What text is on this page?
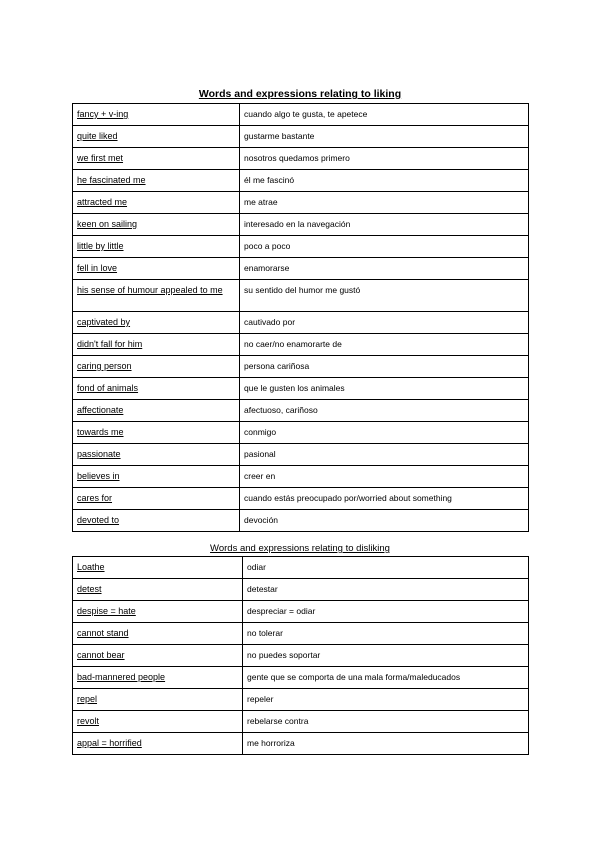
Words and expressions relating to liking
fancy + v-ing	cuando algo te gusta, te apetece

quite liked	gustarme bastante

we first met	nosotros quedamos primero

he fascinated me	él me fascinó

attracted me	me atrae

keen on sailing	interesado en la navegación

little by little	poco a poco

fell in love	enamorarse

his sense of humour appealed to me	su sentido del humor me gustó

captivated by	cautivado por

didn't fall for him	no caer/no enamorarte de

caring person	persona cariñosa

fond of animals	que le gusten los animales

affectionate	afectuoso, cariñoso

towards me	conmigo

passionate	pasional

believes in	creer en

cares for	cuando estás preocupado por/worried about something

devoted to	devoción
Words and expressions relating to disliking
Loathe	odiar

detest	detestar

despise = hate	despreciar = odiar

cannot stand	no tolerar

cannot bear	no puedes soportar

bad-mannered people	gente que se comporta de una mala forma/maleducados

repel	repeler

revolt	rebelarse contra

appal = horrified	me horroriza
